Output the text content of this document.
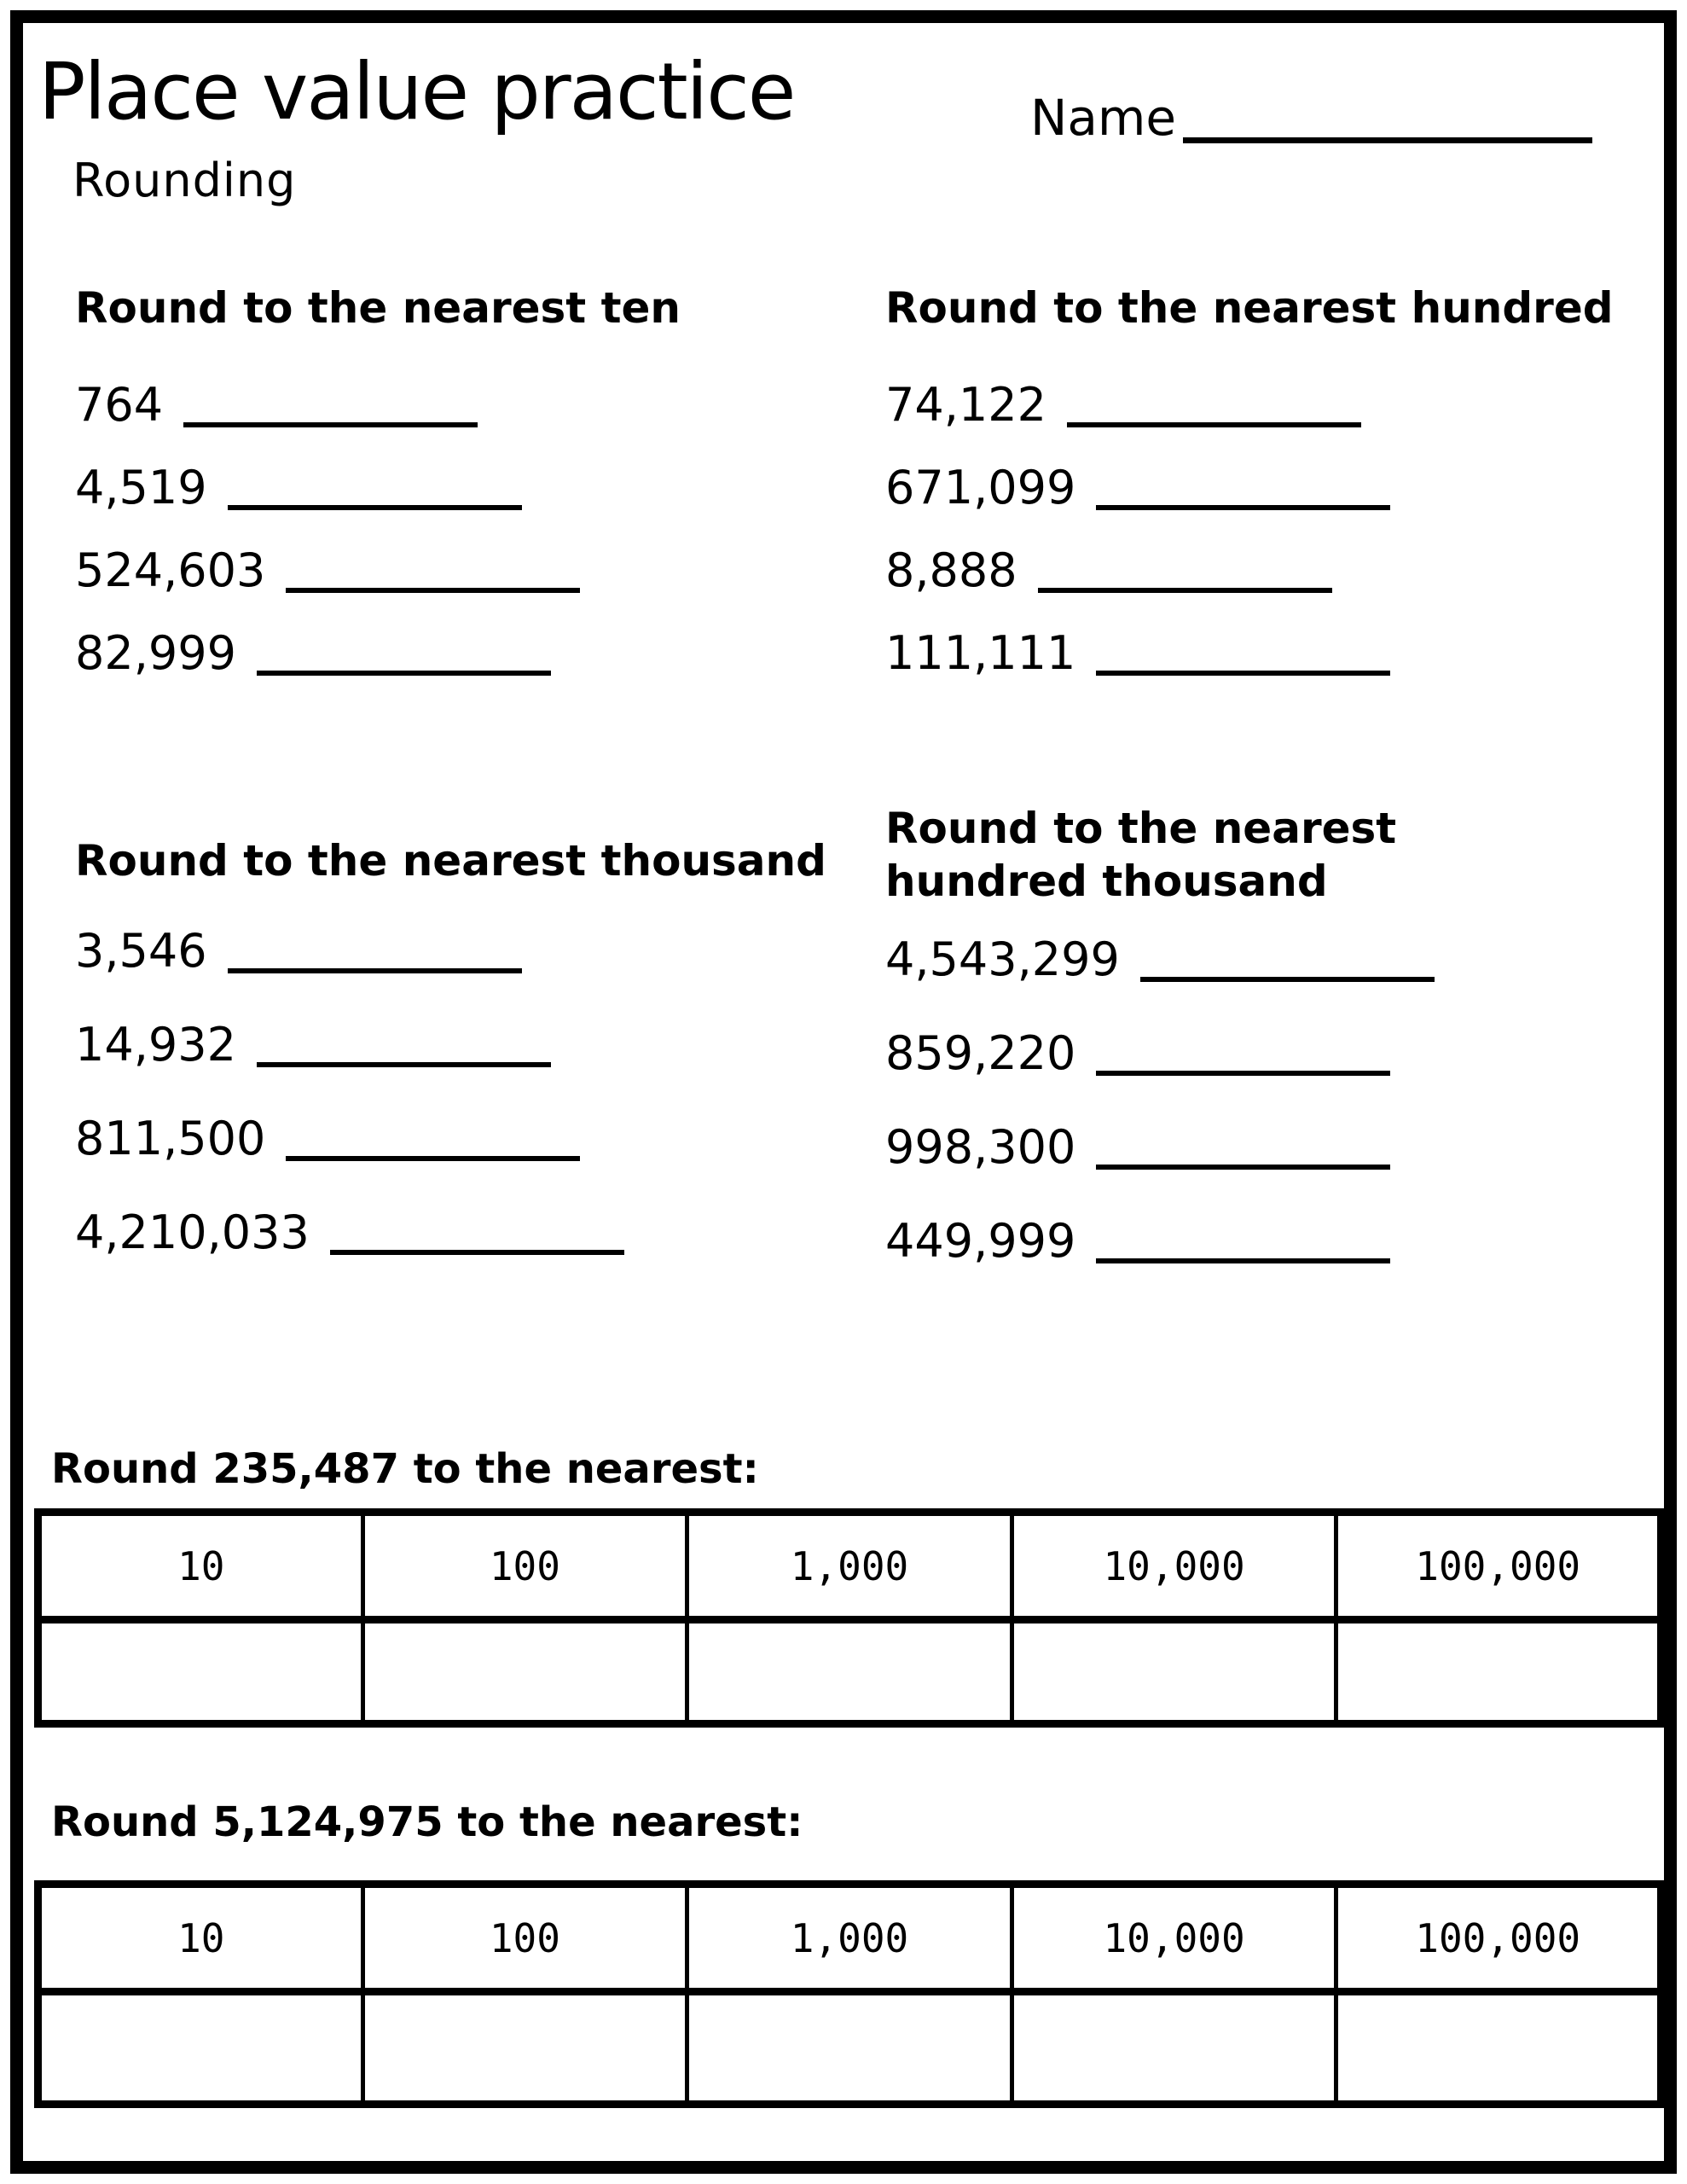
Place value practice	Name
Rounding
Round to the nearest ten
764
4,519
524,603
82,999
Round to the nearest hundred
74,122
671,099
8,888
111,111
Round to the nearest thousand
3,546
14,932
811,500
4,210,033
Round to the nearest hundred thousand
4,543,299
859,220
998,300
449,999
Round 235,487 to the nearest:
10	100	1,000	10,000	100,000

Round 5,124,975 to the nearest:
10	100	1,000	10,000	100,000
